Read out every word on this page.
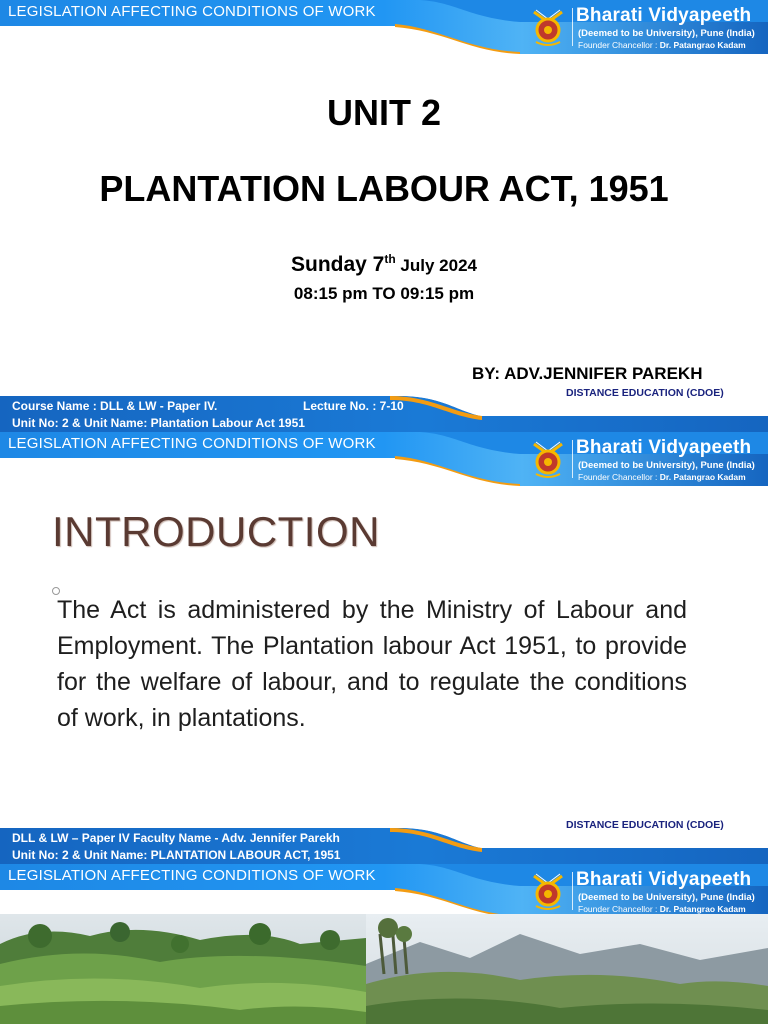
LEGISLATION AFFECTING CONDITIONS OF WORK	Bharati Vidyapeeth
(Deemed to be University), Pune (India)
Founder Chancellor : Dr. Patangrao Kadam
UNIT 2
PLANTATION LABOUR ACT, 1951
Sunday 7th July 2024
08:15 pm TO 09:15 pm
BY: ADV.JENNIFER PAREKH
Course Name : DLL & LW - Paper IV.	Lecture No. : 7-10
Unit No: 2 & Unit Name: Plantation Labour Act 1951
DISTANCE EDUCATION (CDOE)
LEGISLATION AFFECTING CONDITIONS OF WORK	Bharati Vidyapeeth
(Deemed to be University), Pune (India)
Founder Chancellor : Dr. Patangrao Kadam
INTRODUCTION
The Act is administered by the Ministry of Labour and Employment. The Plantation labour Act 1951, to provide for the welfare of labour, and to regulate the conditions of work, in plantations.
DLL & LW – Paper IV Faculty Name - Adv. Jennifer Parekh
Unit No: 2 & Unit Name: PLANTATION LABOUR ACT, 1951
DISTANCE EDUCATION (CDOE)
LEGISLATION AFFECTING CONDITIONS OF WORK	Bharati Vidyapeeth
(Deemed to be University), Pune (India)
Founder Chancellor : Dr. Patangrao Kadam
